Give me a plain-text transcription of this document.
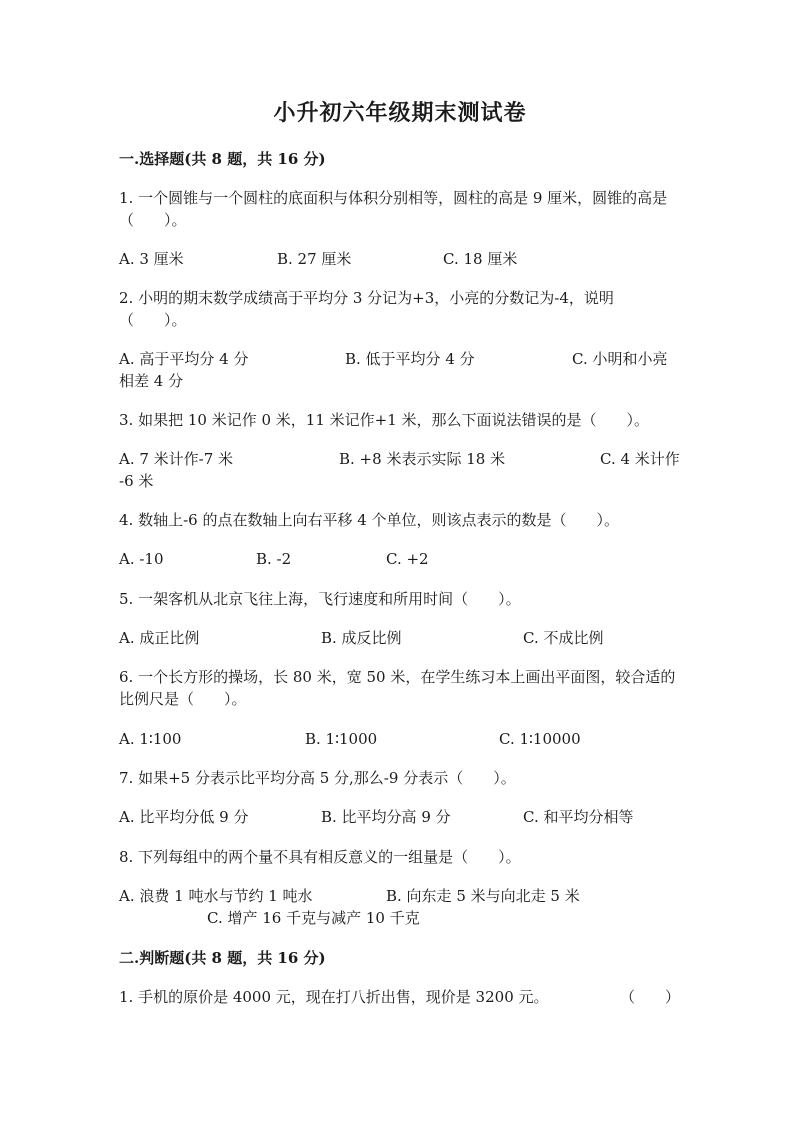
小升初六年级期末测试卷
一.选择题(共 8 题，共 16 分)
1. 一个圆锥与一个圆柱的底面积与体积分别相等，圆柱的高是 9 厘米，圆锥的高是（　　）。
A. 3 厘米	B. 27 厘米	C. 18 厘米
2. 小明的期末数学成绩高于平均分 3 分记为+3，小亮的分数记为-4，说明（　　）。
A. 高于平均分 4 分	B. 低于平均分 4 分	C. 小明和小亮
相差 4 分
3. 如果把 10 米记作 0 米，11 米记作+1 米，那么下面说法错误的是（　　）。
A. 7 米计作-7 米	B. +8 米表示实际 18 米	C. 4 米计作
-6 米
4. 数轴上-6 的点在数轴上向右平移 4 个单位，则该点表示的数是（　　）。
A. -10	B. -2	C. +2
5. 一架客机从北京飞往上海，飞行速度和所用时间（　　）。
A. 成正比例	B. 成反比例	C. 不成比例
6. 一个长方形的操场，长 80 米，宽 50 米，在学生练习本上画出平面图，较合适的比例尺是（　　）。
A. 1∶100	B. 1∶1000	C. 1∶10000
7. 如果+5 分表示比平均分高 5 分,那么-9 分表示（　　）。
A. 比平均分低 9 分	B. 比平均分高 9 分	C. 和平均分相等
8. 下列每组中的两个量不具有相反意义的一组量是（　　）。
A. 浪费 1 吨水与节约 1 吨水	B. 向东走 5 米与向北走 5 米
C. 增产 16 千克与减产 10 千克
二.判断题(共 8 题，共 16 分)
1. 手机的原价是 4000 元，现在打八折出售，现价是 3200 元。	（　　）
